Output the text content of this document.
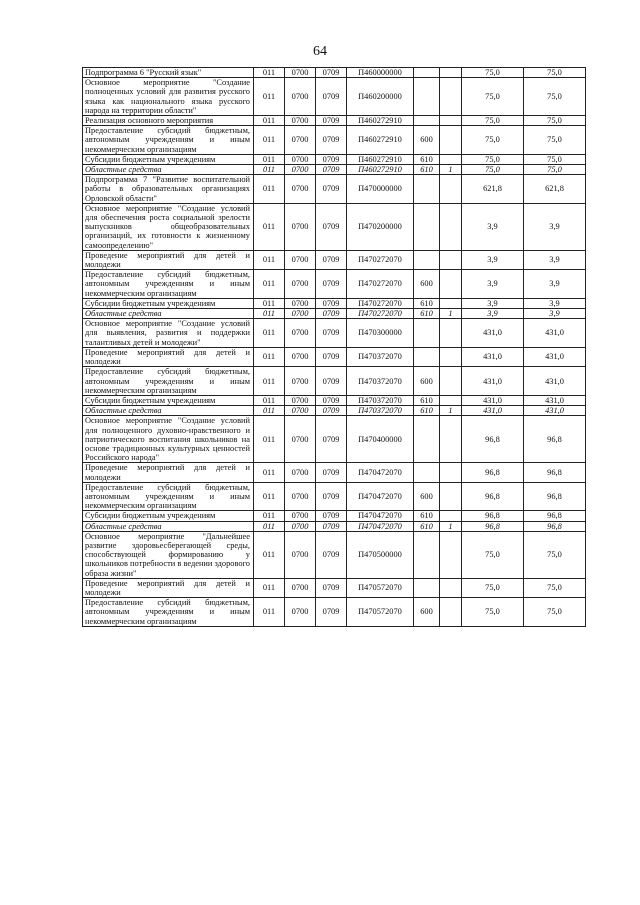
64
Подпрограмма 6 "Русский язык"	011	0700	0709	П460000000			75,0	75,0
Основное мероприятие "Создание полноценных условий для развития русского языка как национального языка русского народа на территории области"	011	0700	0709	П460200000			75,0	75,0
Реализация основного мероприятия	011	0700	0709	П460272910			75,0	75,0
Предоставление субсидий бюджетным, автономным учреждениям и иным некоммерческим организациям	011	0700	0709	П460272910	600		75,0	75,0
Субсидии бюджетным учреждениям	011	0700	0709	П460272910	610		75,0	75,0
Областные средства	011	0700	0709	П460272910	610	1	75,0	75,0
Подпрограмма 7 "Развитие воспитательной работы в образовательных организациях Орловской области"	011	0700	0709	П470000000			621,8	621,8
Основное мероприятие "Создание условий для обеспечения роста социальной зрелости выпускников общеобразовательных организаций, их готовности к жизненному самоопределению"	011	0700	0709	П470200000			3,9	3,9
Проведение мероприятий для детей и молодежи	011	0700	0709	П470272070			3,9	3,9
Предоставление субсидий бюджетным, автономным учреждениям и иным некоммерческим организациям	011	0700	0709	П470272070	600		3,9	3,9
Субсидии бюджетным учреждениям	011	0700	0709	П470272070	610		3,9	3,9
Областные средства	011	0700	0709	П470272070	610	1	3,9	3,9
Основное мероприятие "Создание условий для выявления, развития и поддержки талантливых детей и молодежи"	011	0700	0709	П470300000			431,0	431,0
Проведение мероприятий для детей и молодежи	011	0700	0709	П470372070			431,0	431,0
Предоставление субсидий бюджетным, автономным учреждениям и иным некоммерческим организациям	011	0700	0709	П470372070	600		431,0	431,0
Субсидии бюджетным учреждениям	011	0700	0709	П470372070	610		431,0	431,0
Областные средства	011	0700	0709	П470372070	610	1	431,0	431,0
Основное мероприятие "Создание условий для полноценного духовно-нравственного и патриотического воспитания школьников на основе традиционных культурных ценностей Российского народа"	011	0700	0709	П470400000			96,8	96,8
Проведение мероприятий для детей и молодежи	011	0700	0709	П470472070			96,8	96,8
Предоставление субсидий бюджетным, автономным учреждениям и иным некоммерческим организациям	011	0700	0709	П470472070	600		96,8	96,8
Субсидии бюджетным учреждениям	011	0700	0709	П470472070	610		96,8	96,8
Областные средства	011	0700	0709	П470472070	610	1	96,8	96,8
Основное мероприятие "Дальнейшее развитие здоровьесберегающей среды, способствующей формированию у школьников потребности в ведении здорового образа жизни"	011	0700	0709	П470500000			75,0	75,0
Проведение мероприятий для детей и молодежи	011	0700	0709	П470572070			75,0	75,0
Предоставление субсидий бюджетным, автономным учреждениям и иным некоммерческим организациям	011	0700	0709	П470572070	600		75,0	75,0
